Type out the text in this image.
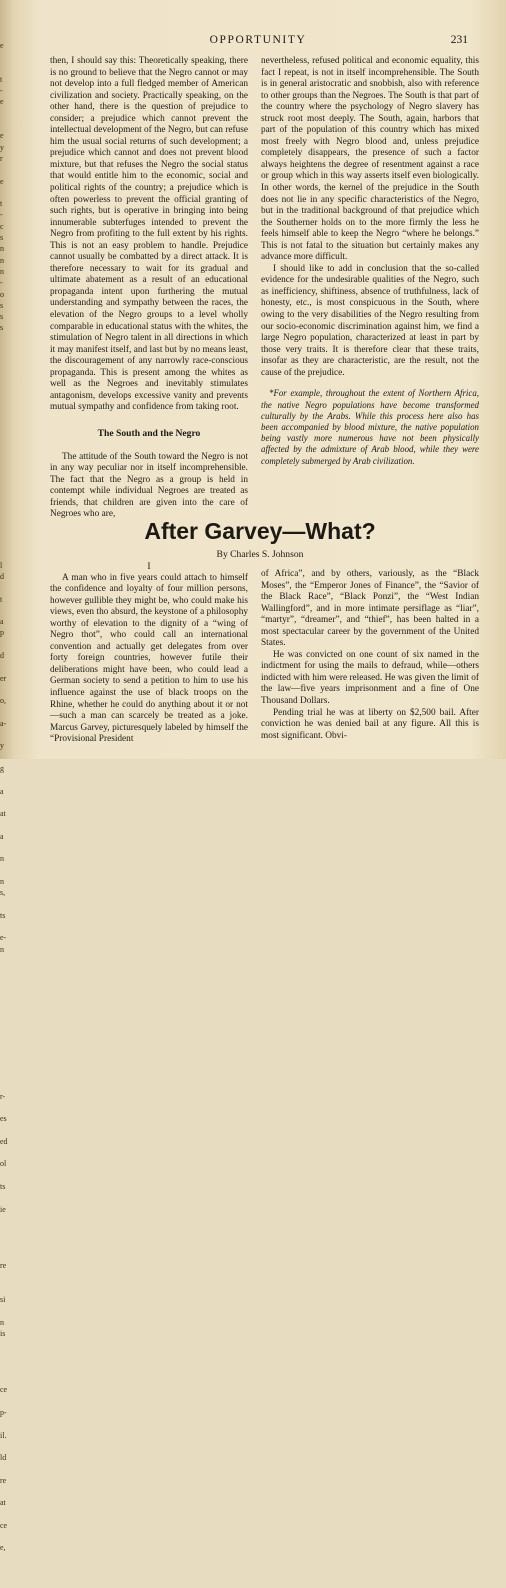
e
t
-
e
e
y
r
e
t
-
c
s
n
n
n
-
o
s
s
s
l
d
t
a
p
d
er
o,
a-
y
g
a
at
a
n
n
s,
ts
e-
n
r-
es
ed
ol
ts
ie
re
si
n
is
ce
p-
il.
ld
re
at
ce
e,
OPPORTUNITY	231

then, I should say this: Theoretically speaking, there is no ground to believe that the Negro cannot or may not develop into a full fledged member of American civilization and society. Practically speaking, on the other hand, there is the question of prejudice to consider; a prejudice which cannot prevent the intellectual development of the Negro, but can refuse him the usual social returns of such development; a prejudice which cannot and does not prevent blood mixture, but that refuses the Negro the social status that would entitle him to the economic, social and political rights of the country; a prejudice which is often powerless to prevent the official granting of such rights, but is operative in bringing into being innumerable subterfuges intended to prevent the Negro from profiting to the full extent by his rights. This is not an easy problem to handle. Prejudice cannot usually be combatted by a direct attack. It is therefore necessary to wait for its gradual and ultimate abatement as a result of an educational propaganda intent upon furthering the mutual understanding and sympathy between the races, the elevation of the Negro groups to a level wholly comparable in educational status with the whites, the stimulation of Negro talent in all directions in which it may manifest itself, and last but by no means least, the discouragement of any narrowly race-conscious propaganda. This is present among the whites as well as the Negroes and inevitably stimulates antagonism, develops excessive vanity and prevents mutual sympathy and confidence from taking root.

The South and the Negro

The attitude of the South toward the Negro is not in any way peculiar nor in itself incomprehensible. The fact that the Negro as a group is held in contempt while individual Negroes are treated as friends, that children are given into the care of Negroes who are,

nevertheless, refused political and economic equality, this fact I repeat, is not in itself incomprehensible. The South is in general aristocratic and snobbish, also with reference to other groups than the Negroes. The South is that part of the country where the psychology of Negro slavery has struck root most deeply. The South, again, harbors that part of the population of this country which has mixed most freely with Negro blood and, unless prejudice completely disappears, the presence of such a factor always heightens the degree of resentment against a race or group which in this way asserts itself even biologically. In other words, the kernel of the prejudice in the South does not lie in any specific characteristics of the Negro, but in the traditional background of that prejudice which the Southerner holds on to the more firmly the less he feels himself able to keep the Negro “where he belongs.” This is not fatal to the situation but certainly makes any advance more difficult.

I should like to add in conclusion that the so-called evidence for the undesirable qualities of the Negro, such as inefficiency, shiftiness, absence of truthfulness, lack of honesty, etc., is most conspicuous in the South, where owing to the very disabilities of the Negro resulting from our socio-economic discrimination against him, we find a large Negro population, characterized at least in part by those very traits. It is therefore clear that these traits, insofar as they are characteristic, are the result, not the cause of the prejudice.

*For example, throughout the extent of Northern Africa, the native Negro populations have become transformed culturally by the Arabs. While this process here also has been accompanied by blood mixture, the native population being vastly more numerous have not been physically affected by the admixture of Arab blood, while they were completely submerged by Arab civilization.
After Garvey—What?
By Charles S. Johnson
I

A man who in five years could attach to himself the confidence and loyalty of four million persons, however gullible they might be, who could make his views, even tho absurd, the keystone of a philosophy worthy of elevation to the dignity of a “wing of Negro thot”, who could call an international convention and actually get delegates from over forty foreign countries, however futile their deliberations might have been, who could lead a German society to send a petition to him to use his influence against the use of black troops on the Rhine, whether he could do anything about it or not—such a man can scarcely be treated as a joke. Marcus Garvey, picturesquely labeled by himself the “Provisional President

of Africa”, and by others, variously, as the “Black Moses”, the “Emperor Jones of Finance”, the “Savior of the Black Race”, “Black Ponzi”, the “West Indian Wallingford”, and in more intimate persiflage as “liar”, “martyr”, “dreamer”, and “thief”, has been halted in a most spectacular career by the government of the United States.

He was convicted on one count of six named in the indictment for using the mails to defraud, while—others indicted with him were released. He was given the limit of the law—five years imprisonment and a fine of One Thousand Dollars.

Pending trial he was at liberty on $2,500 bail. After conviction he was denied bail at any figure. All this is most significant. Obvi-
